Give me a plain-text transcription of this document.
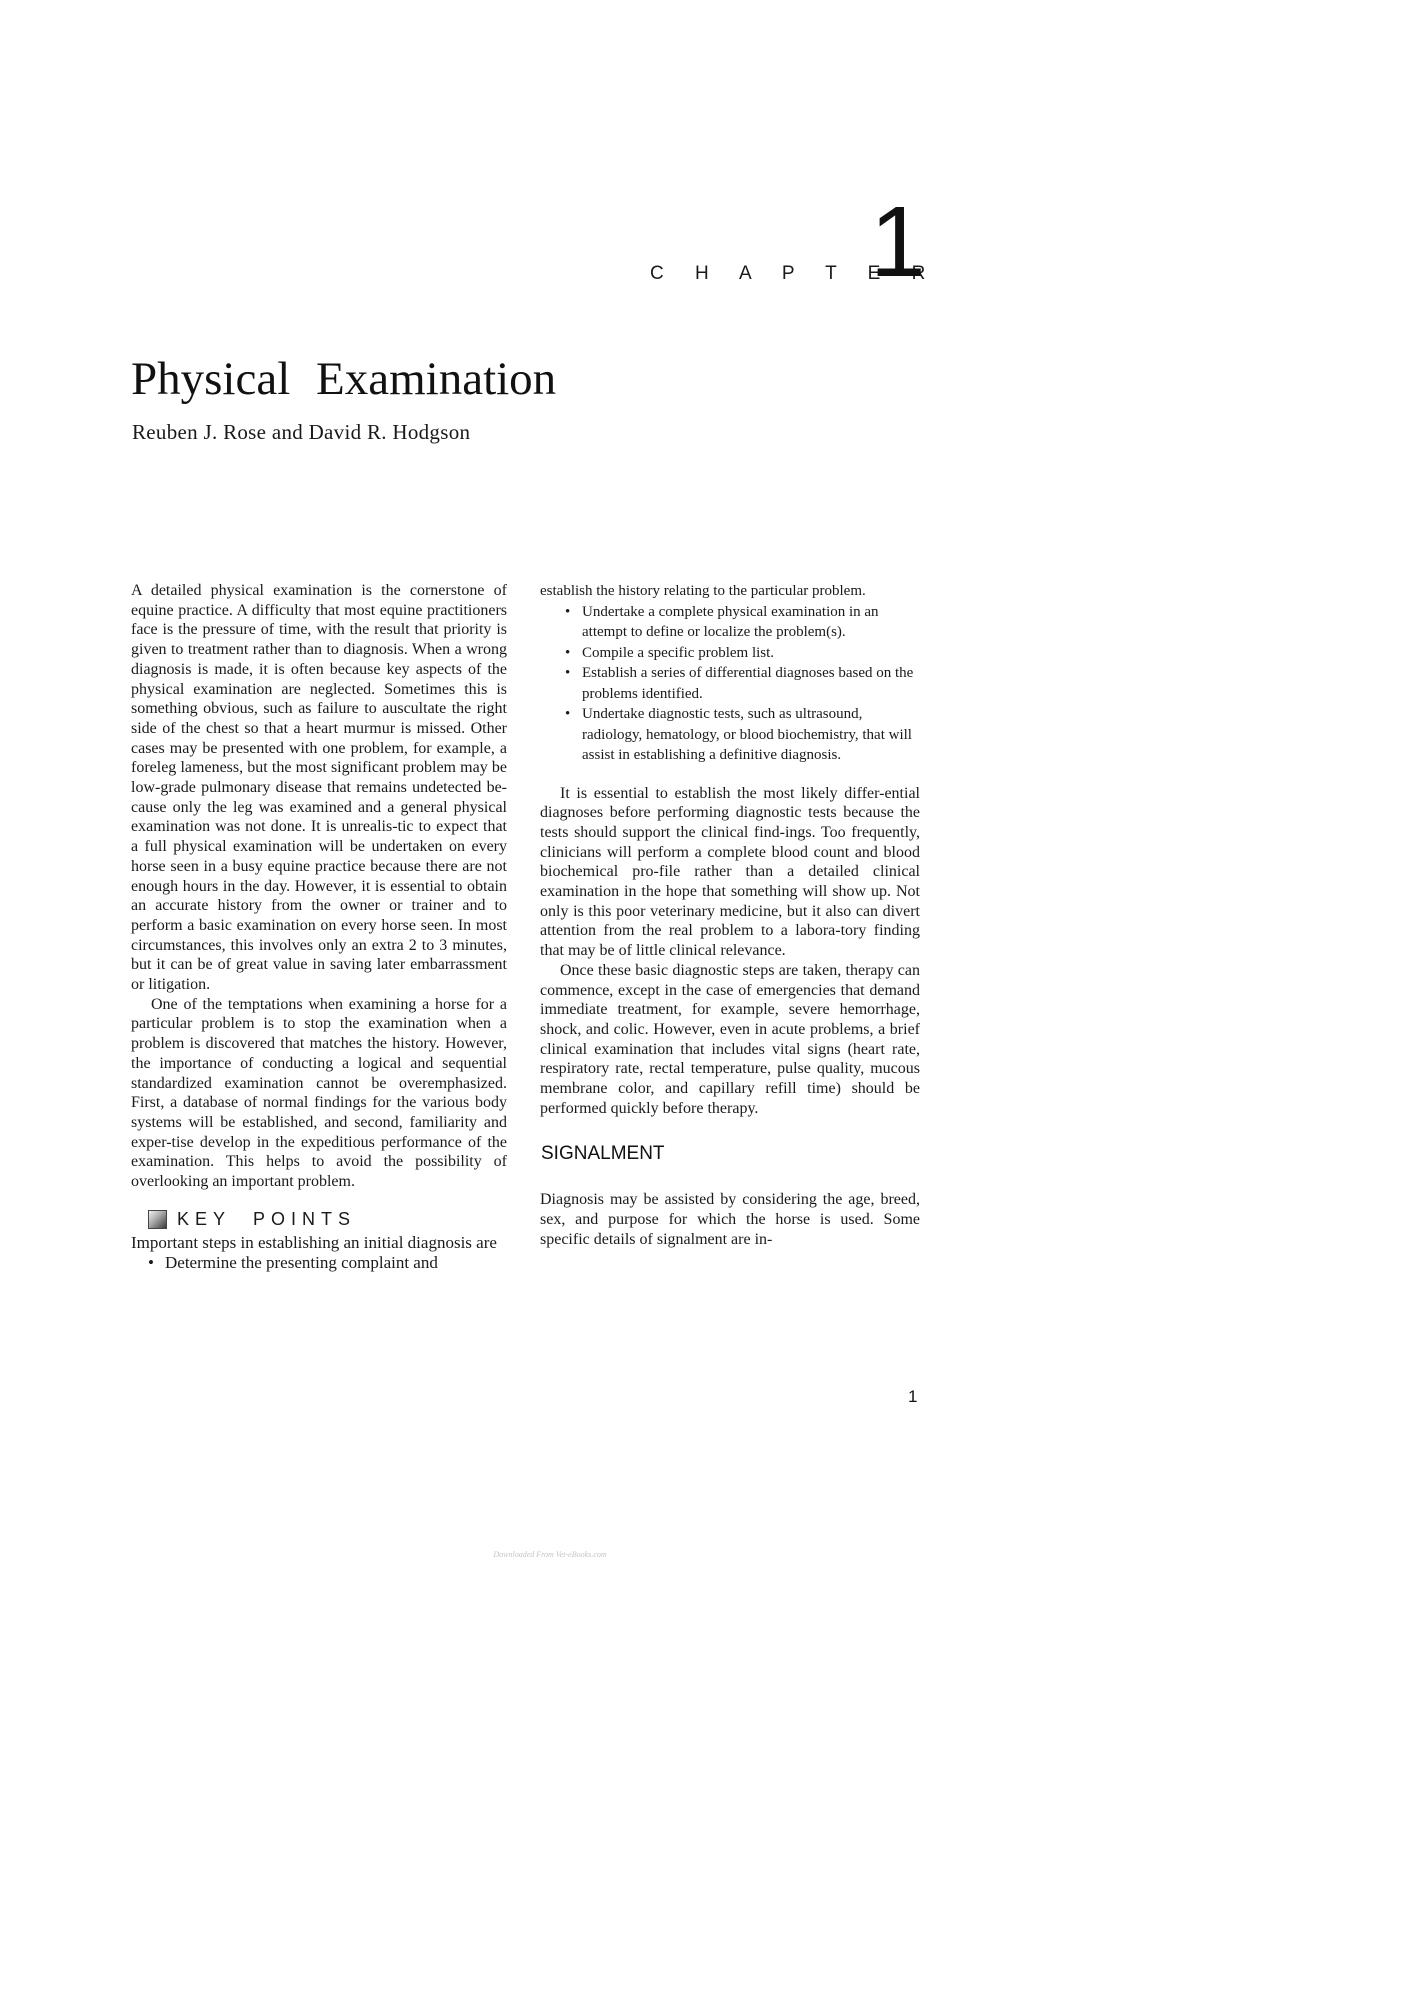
C H A P T E R
1
Physical Examination
Reuben J. Rose and David R. Hodgson

A detailed physical examination is the cornerstone of equine practice. A difficulty that most equine practitioners face is the pressure of time, with the result that priority is given to treatment rather than to diagnosis. When a wrong diagnosis is made, it is often because key aspects of the physical examination are neglected. Sometimes this is something obvious, such as failure to auscultate the right side of the chest so that a heart murmur is missed. Other cases may be presented with one problem, for example, a foreleg lameness, but the most significant problem may be low-grade pulmonary disease that remains undetected be-cause only the leg was examined and a general physical examination was not done. It is unrealis-tic to expect that a full physical examination will be undertaken on every horse seen in a busy equine practice because there are not enough hours in the day. However, it is essential to obtain an accurate history from the owner or trainer and to perform a basic examination on every horse seen. In most circumstances, this involves only an extra 2 to 3 minutes, but it can be of great value in saving later embarrassment or litigation.

One of the temptations when examining a horse for a particular problem is to stop the examination when a problem is discovered that matches the history. However, the importance of conducting a logical and sequential standardized examination cannot be overemphasized. First, a database of normal findings for the various body systems will be established, and second, familiarity and exper-tise develop in the expeditious performance of the examination. This helps to avoid the possibility of overlooking an important problem.

KEY POINTS

Important steps in establishing an initial diagnosis are

• Determine the presenting complaint and

establish the history relating to the particular problem.

• Undertake a complete physical examination in an attempt to define or localize the problem(s).
• Compile a specific problem list.
• Establish a series of differential diagnoses based on the problems identified.
• Undertake diagnostic tests, such as ultrasound, radiology, hematology, or blood biochemistry, that will assist in establishing a definitive diagnosis.

It is essential to establish the most likely differ-ential diagnoses before performing diagnostic tests because the tests should support the clinical find-ings. Too frequently, clinicians will perform a complete blood count and blood biochemical pro-file rather than a detailed clinical examination in the hope that something will show up. Not only is this poor veterinary medicine, but it also can divert attention from the real problem to a labora-tory finding that may be of little clinical relevance.

Once these basic diagnostic steps are taken, therapy can commence, except in the case of emergencies that demand immediate treatment, for example, severe hemorrhage, shock, and colic. However, even in acute problems, a brief clinical examination that includes vital signs (heart rate, respiratory rate, rectal temperature, pulse quality, mucous membrane color, and capillary refill time) should be performed quickly before therapy.

SIGNALMENT

Diagnosis may be assisted by considering the age, breed, sex, and purpose for which the horse is used. Some specific details of signalment are in-

1
Downloaded From Vet-eBooks.com
